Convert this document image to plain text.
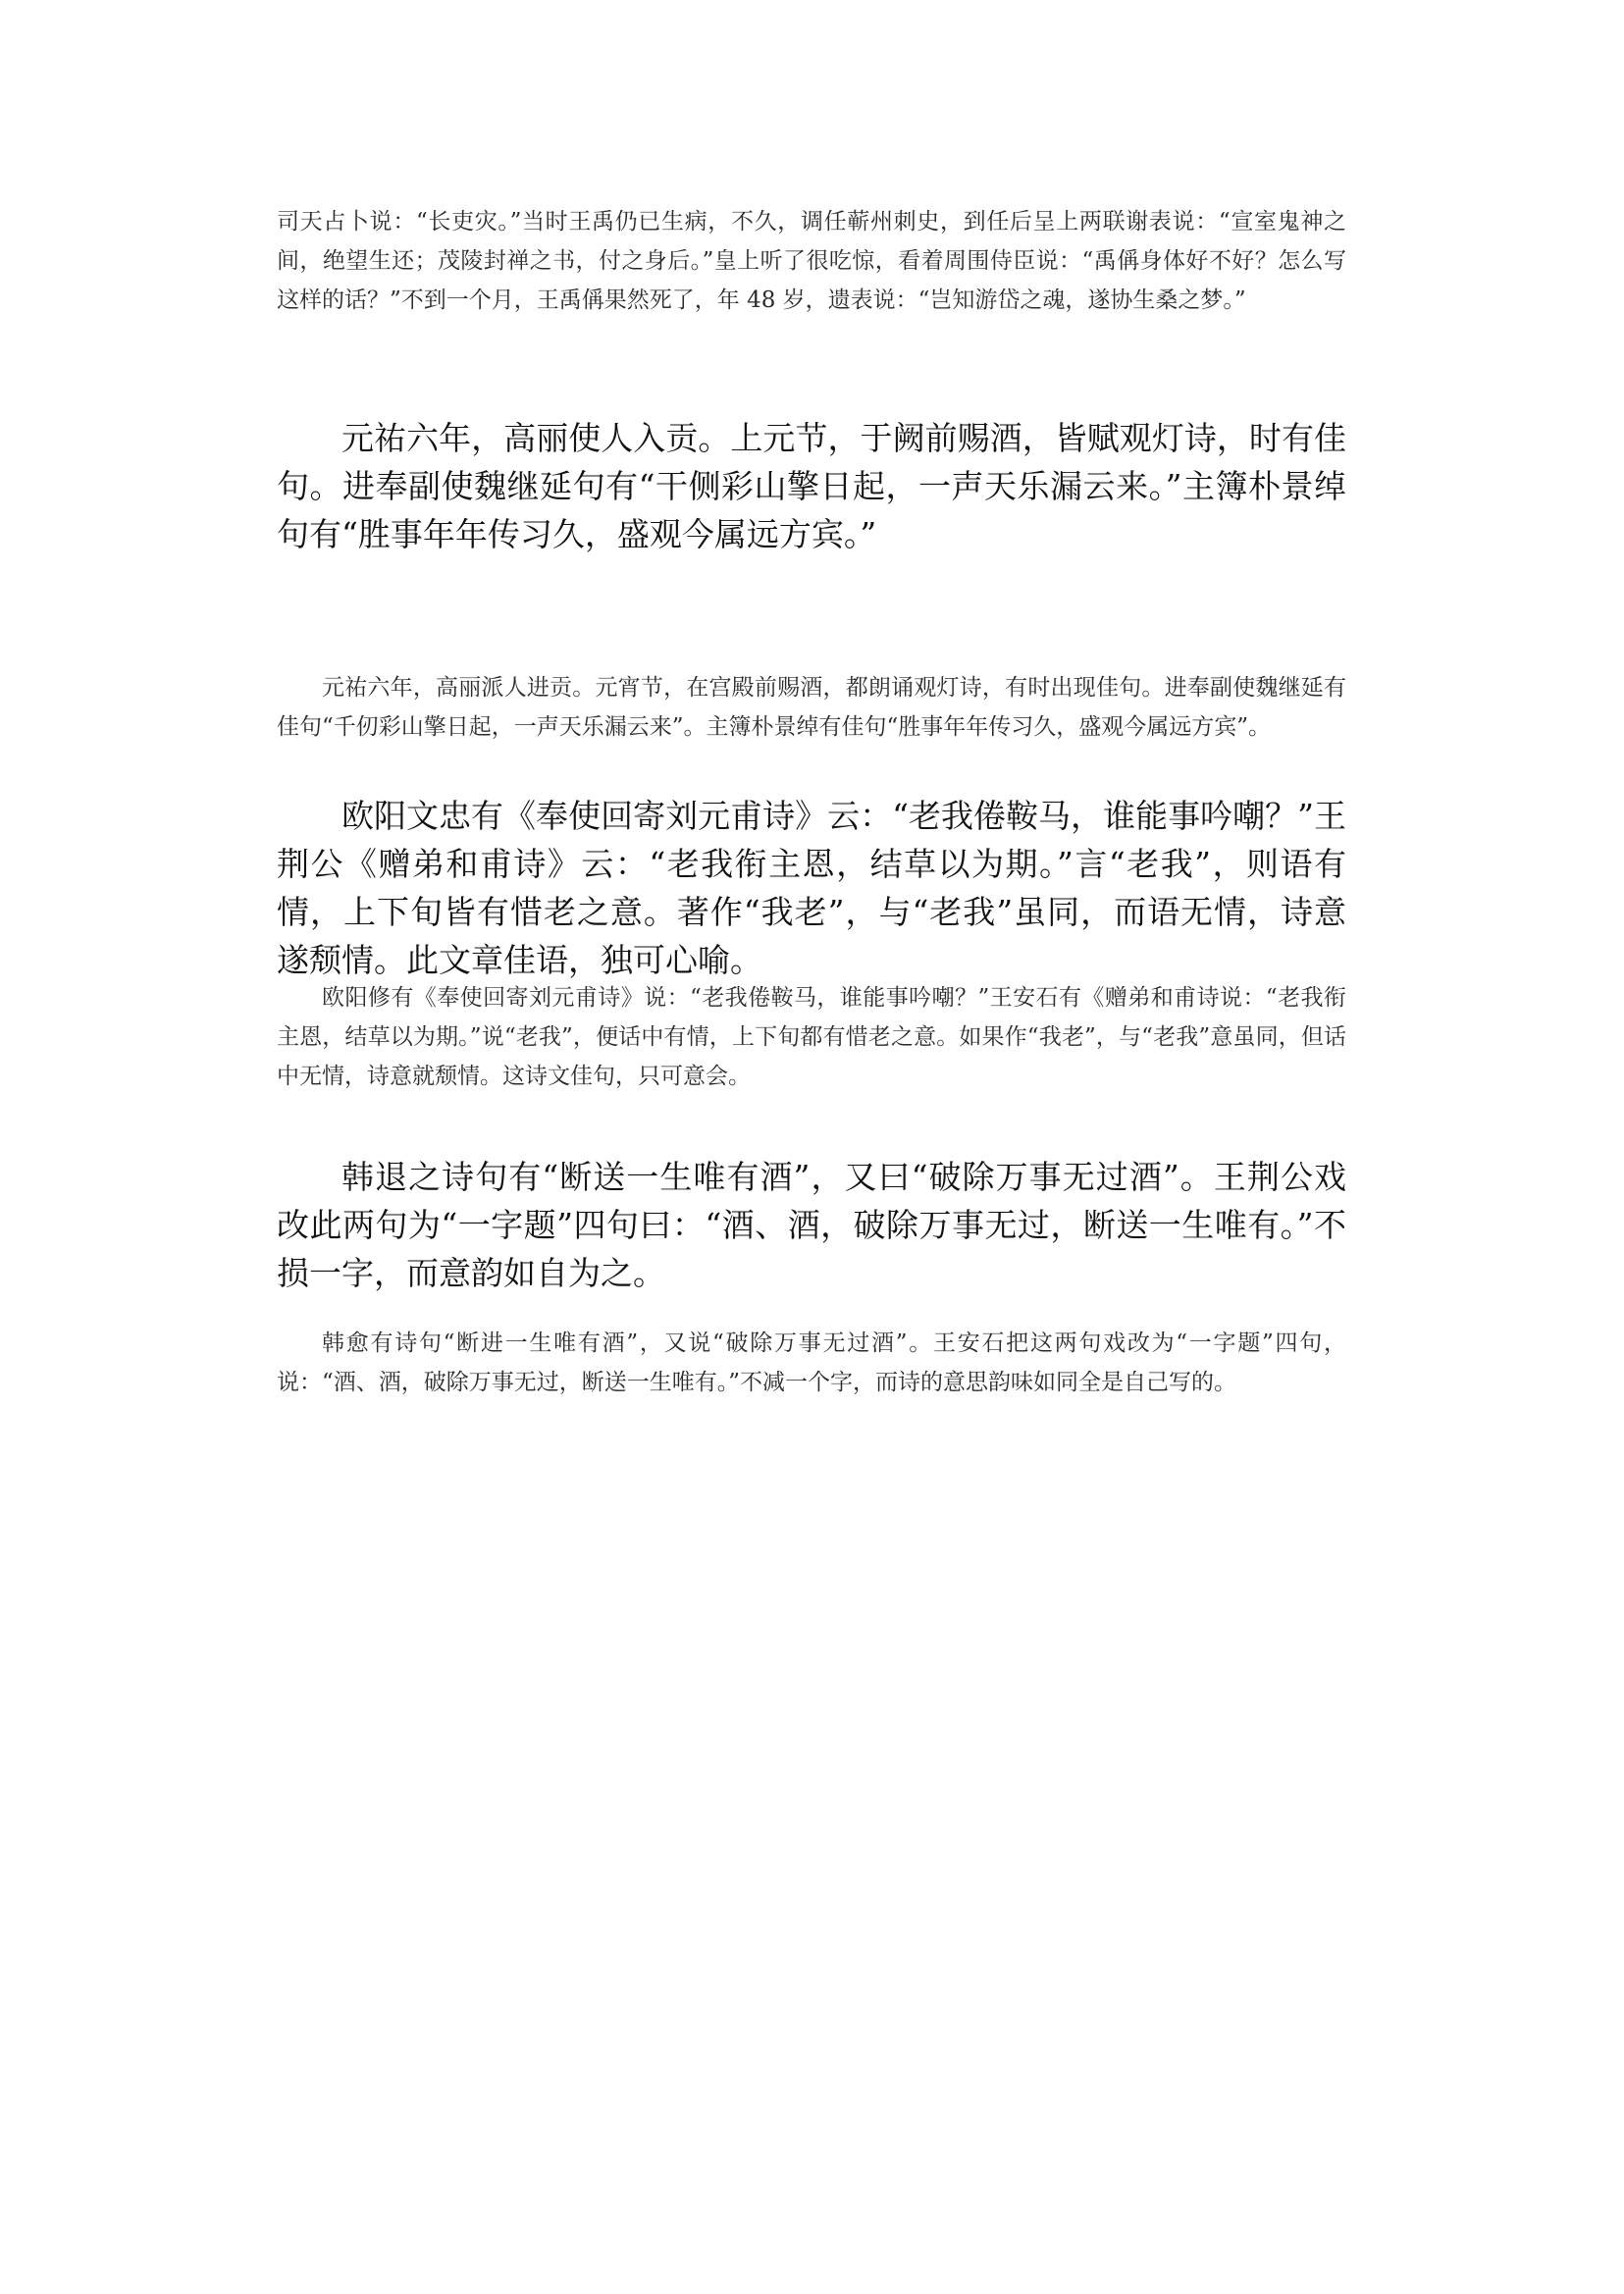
司天占卜说：“长吏灾。”当时王禹仍已生病，不久，调任蕲州刺史，到任后呈上两联谢表说：“宣室鬼神之间，绝望生还；茂陵封禅之书，付之身后。”皇上听了很吃惊，看着周围侍臣说：“禹偁身体好不好？怎么写这样的话？”不到一个月，王禹偁果然死了，年 48 岁，遗表说：“岂知游岱之魂，遂协生桑之梦。”

元祐六年，高丽使人入贡。上元节，于阙前赐酒，皆赋观灯诗，时有佳句。进奉副使魏继延句有“干侧彩山擎日起，一声天乐漏云来。”主簿朴景绰句有“胜事年年传习久，盛观今属远方宾。”

元祐六年，高丽派人进贡。元宵节，在宫殿前赐酒，都朗诵观灯诗，有时出现佳句。进奉副使魏继延有佳句“千仞彩山擎日起，一声天乐漏云来”。主簿朴景绰有佳句“胜事年年传习久，盛观今属远方宾”。

欧阳文忠有《奉使回寄刘元甫诗》云：“老我倦鞍马，谁能事吟嘲？”王荆公《赠弟和甫诗》云：“老我衔主恩，结草以为期。”言“老我”，则语有情，上下旬皆有惜老之意。著作“我老”，与“老我”虽同，而语无情，诗意遂颓情。此文章佳语，独可心喻。

欧阳修有《奉使回寄刘元甫诗》说：“老我倦鞍马，谁能事吟嘲？”王安石有《赠弟和甫诗说：“老我衔主恩，结草以为期。”说“老我”，便话中有情，上下旬都有惜老之意。如果作“我老”，与“老我”意虽同，但话中无情，诗意就颓情。这诗文佳句，只可意会。

韩退之诗句有“断送一生唯有酒”，又曰“破除万事无过酒”。王荆公戏改此两句为“一字题”四句曰：“酒、酒，破除万事无过，断送一生唯有。”不损一字，而意韵如自为之。

韩愈有诗句“断进一生唯有酒”，又说“破除万事无过酒”。王安石把这两句戏改为“一字题”四句，说：“酒、酒，破除万事无过，断送一生唯有。”不减一个字，而诗的意思韵味如同全是自己写的。
